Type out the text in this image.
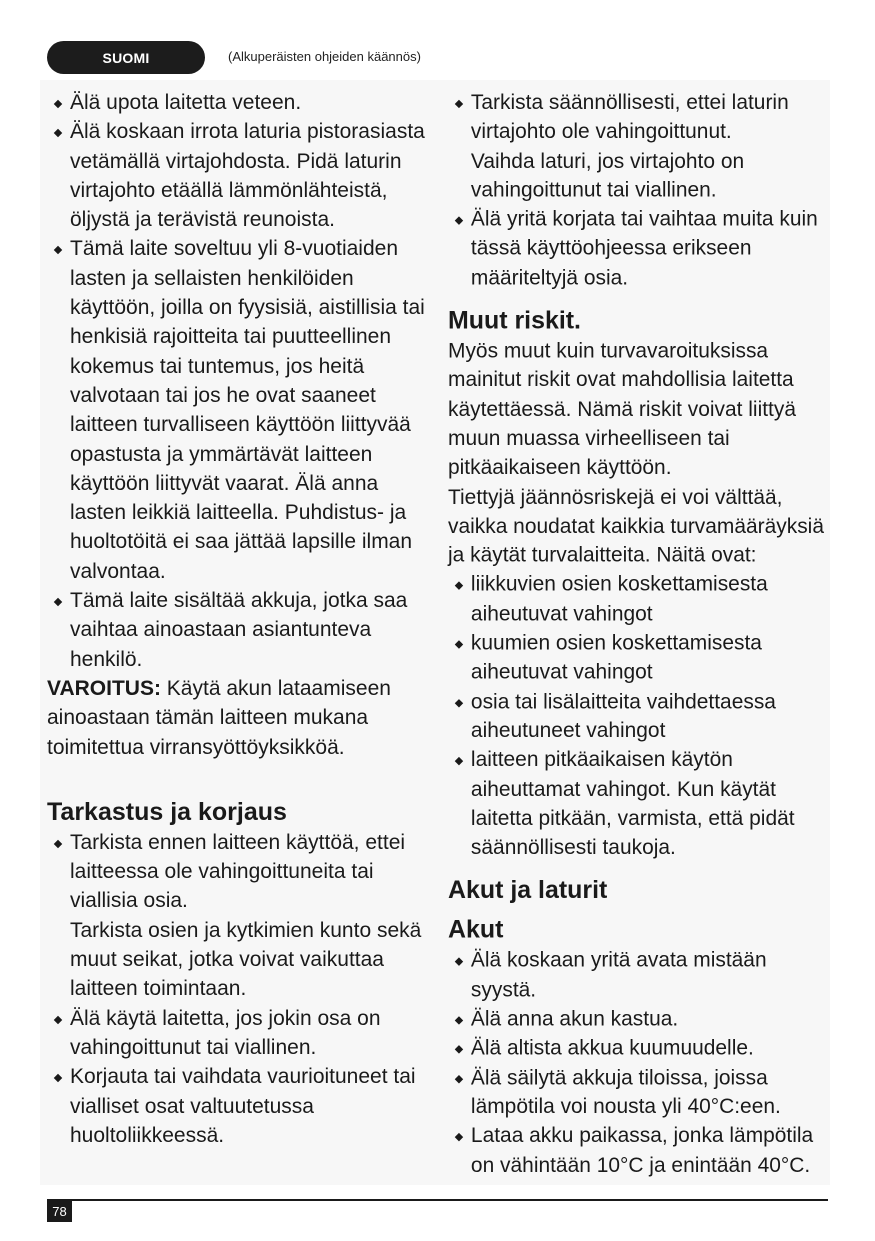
SUOMI	(Alkuperäisten ohjeiden käännös)
Älä upota laitetta veteen.
Älä koskaan irrota laturia pistorasiasta vetämällä virtajohdosta. Pidä laturin virtajohto etäällä lämmönlähteistä, öljystä ja terävistä reunoista.
Tämä laite soveltuu yli 8-vuotiaiden lasten ja sellaisten henkilöiden käyttöön, joilla on fyysisiä, aistillisia tai henkisiä rajoitteita tai puutteellinen kokemus tai tuntemus, jos heitä valvotaan tai jos he ovat saaneet laitteen turvalliseen käyttöön liittyvää opastusta ja ymmärtävät laitteen käyttöön liittyvät vaarat. Älä anna lasten leikkiä laitteella. Puhdistus- ja huoltotöitä ei saa jättää lapsille ilman valvontaa.
Tämä laite sisältää akkuja, jotka saa vaihtaa ainoastaan asiantunteva henkilö.

VAROITUS: Käytä akun lataamiseen ainoastaan tämän laitteen mukana toimitettua virransyöttöyksikköä.

Tarkastus ja korjaus
Tarkista ennen laitteen käyttöä, ettei laitteessa ole vahingoittuneita tai viallisia osia.
Tarkista osien ja kytkimien kunto sekä muut seikat, jotka voivat vaikuttaa laitteen toimintaan.
Älä käytä laitetta, jos jokin osa on vahingoittunut tai viallinen.
Korjauta tai vaihdata vaurioituneet tai vialliset osat valtuutetussa huoltoliikkeessä.
Tarkista säännöllisesti, ettei laturin virtajohto ole vahingoittunut.
Vaihda laturi, jos virtajohto on vahingoittunut tai viallinen.
Älä yritä korjata tai vaihtaa muita kuin tässä käyttöohjeessa erikseen määriteltyjä osia.
Muut riskit.

Myös muut kuin turvavaroituksissa mainitut riskit ovat mahdollisia laitetta käytettäessä. Nämä riskit voivat liittyä muun muassa virheelliseen tai pitkäaikaiseen käyttöön.

Tiettyjä jäännösriskejä ei voi välttää, vaikka noudatat kaikkia turvamääräyksiä ja käytät turvalaitteita. Näitä ovat:

liikkuvien osien koskettamisesta aiheutuvat vahingot
kuumien osien koskettamisesta aiheutuvat vahingot
osia tai lisälaitteita vaihdettaessa aiheutuneet vahingot
laitteen pitkäaikaisen käytön aiheuttamat vahingot. Kun käytät laitetta pitkään, varmista, että pidät säännöllisesti taukoja.
Akut ja laturit
Akut
Älä koskaan yritä avata mistään syystä.
Älä anna akun kastua.
Älä altista akkua kuumuudelle.
Älä säilytä akkuja tiloissa, joissa lämpötila voi nousta yli 40°C:een.
Lataa akku paikassa, jonka lämpötila on vähintään 10°C ja enintään 40°C.
78
